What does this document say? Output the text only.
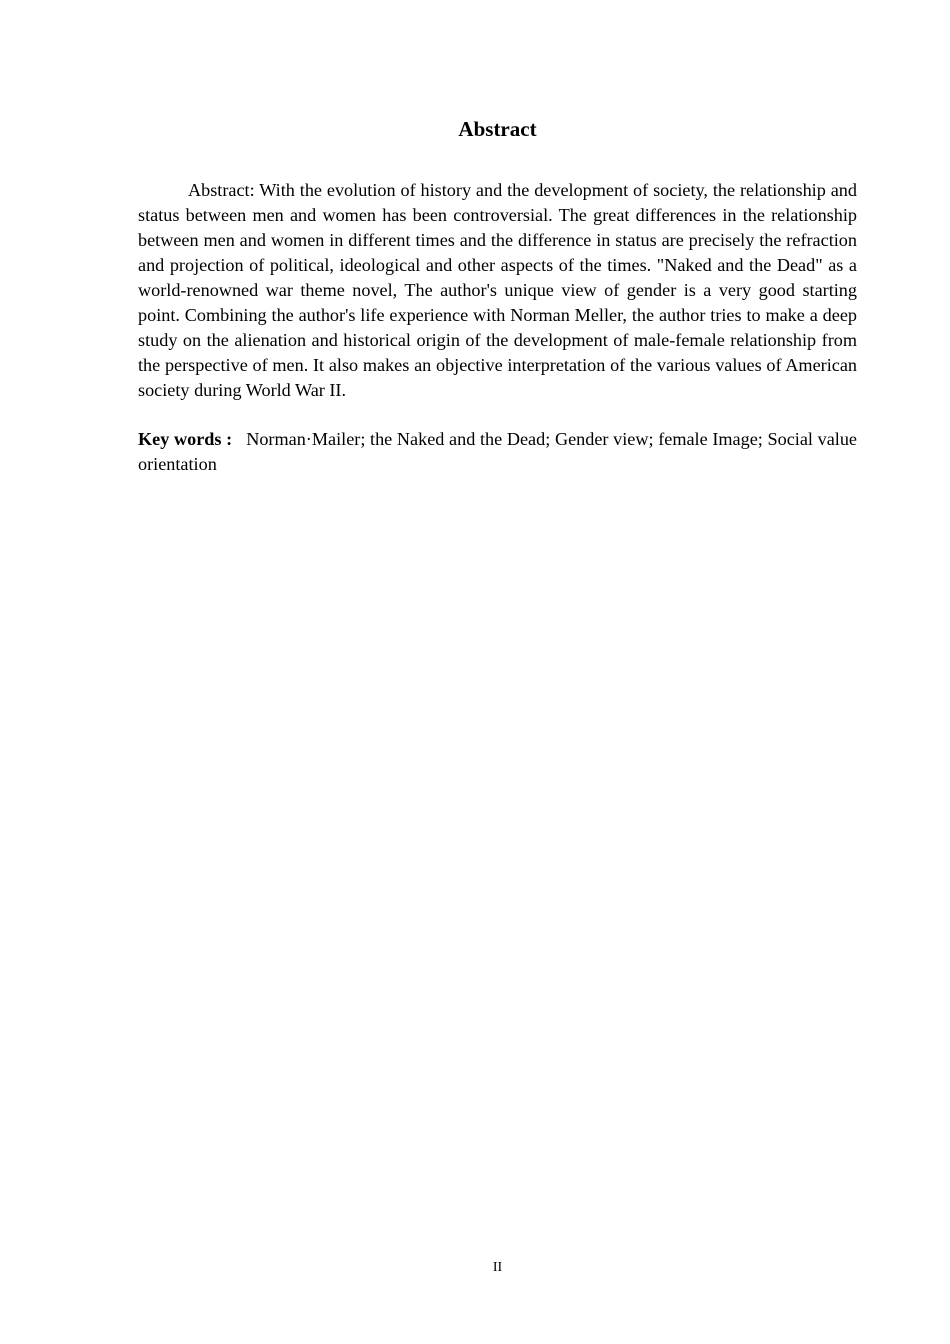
Abstract

Abstract: With the evolution of history and the development of society, the relationship and status between men and women has been controversial. The great differences in the relationship between men and women in different times and the difference in status are precisely the refraction and projection of political, ideological and other aspects of the times. "Naked and the Dead" as a world-renowned war theme novel, The author's unique view of gender is a very good starting point. Combining the author's life experience with Norman Meller, the author tries to make a deep study on the alienation and historical origin of the development of male-female relationship from the perspective of men. It also makes an objective interpretation of the various values of American society during World War II.

Key words : Norman·Mailer; the Naked and the Dead; Gender view; female Image; Social value orientation

II
